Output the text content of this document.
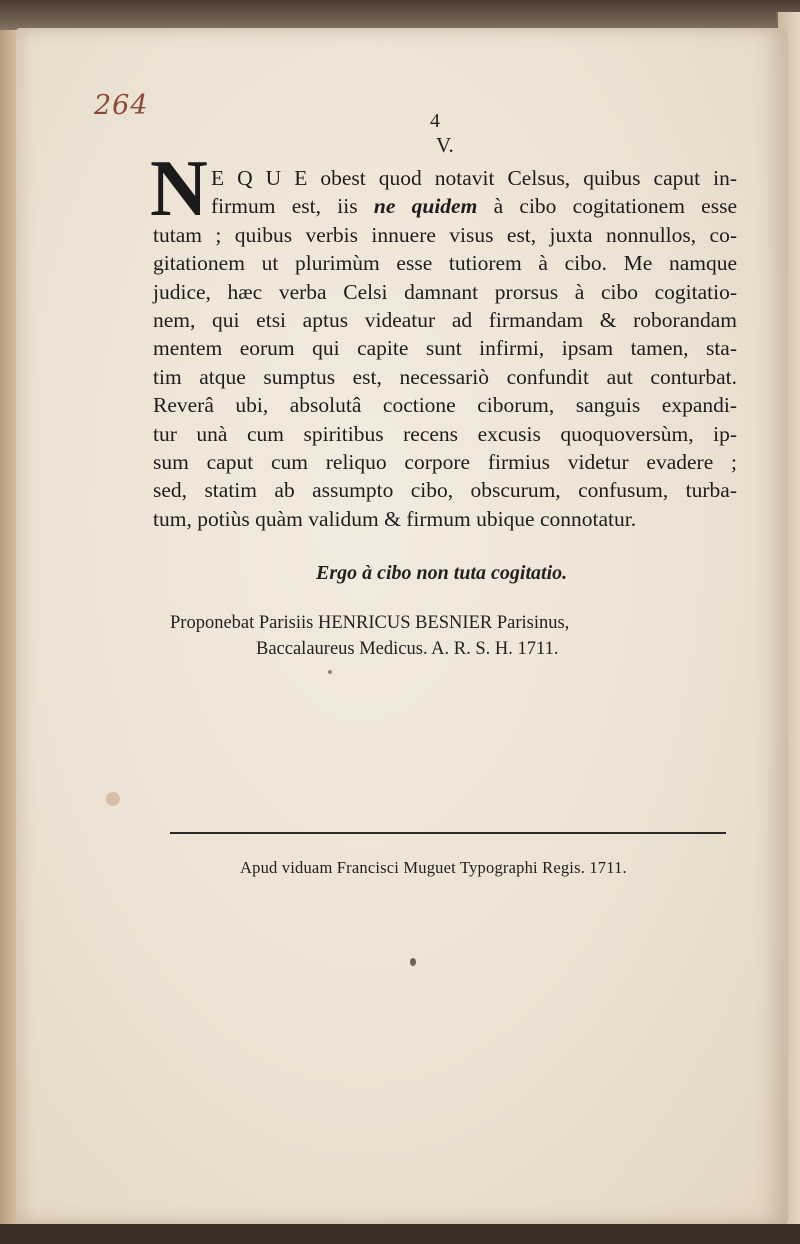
264	4
V.
N E Q U E obest quod notavit Celsus, quibus caput in-
firmum est, iis ne quidem à cibo cogitationem esse
tutam ; quibus verbis innuere visus est, juxta nonnullos, co-
gitationem ut plurimùm esse tutiorem à cibo. Me namque
judice, hæc verba Celsi damnant prorsus à cibo cogitatio-
nem, qui etsi aptus videatur ad firmandam & roborandam
mentem eorum qui capite sunt infirmi, ipsam tamen, sta-
tim atque sumptus est, necessariò confundit aut conturbat.
Reverâ ubi, absolutâ coctione ciborum, sanguis expandi-
tur unà cum spiritibus recens excusis quoquoversùm, ip-
sum caput cum reliquo corpore firmius videtur evadere ;
sed, statim ab assumpto cibo, obscurum, confusum, turba-
tum, potiùs quàm validum & firmum ubique connotatur.
Ergo à cibo non tuta cogitatio.
Proponebat Parisiis HENRICUS BESNIER Parisinus,
Baccalaureus Medicus. A. R. S. H. 1711.
Apud viduam Francisci Muguet Typographi Regis. 1711.
